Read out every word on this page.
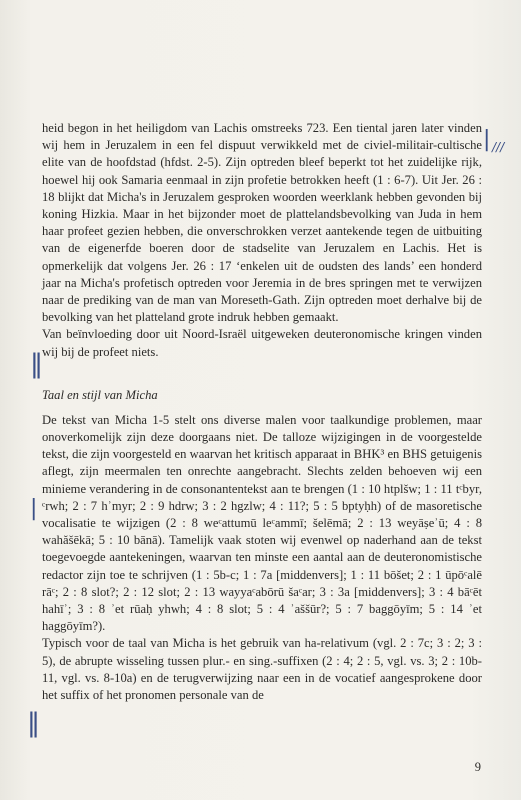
| ///
‖
|
‖

heid begon in het heiligdom van Lachis omstreeks 723. Een tiental jaren later vinden wij hem in Jeruzalem in een fel dispuut verwikkeld met de civiel-militair-cultische elite van de hoofdstad (hfdst. 2-5). Zijn optreden bleef beperkt tot het zuidelijke rijk, hoewel hij ook Samaria eenmaal in zijn profetie betrokken heeft (1 : 6-7). Uit Jer. 26 : 18 blijkt dat Micha's in Jeruzalem gesproken woorden weerklank hebben gevonden bij koning Hizkia. Maar in het bijzonder moet de plattelandsbevolking van Juda in hem haar profeet gezien hebben, die onverschrokken verzet aantekende tegen de uitbuiting van de eigenerfde boeren door de stadselite van Jeruzalem en Lachis. Het is opmerkelijk dat volgens Jer. 26 : 17 ‘enkelen uit de oudsten des lands’ een honderd jaar na Micha's profetisch optreden voor Jeremia in de bres springen met te verwijzen naar de prediking van de man van Moreseth-Gath. Zijn optreden moet derhalve bij de bevolking van het platteland grote indruk hebben gemaakt.

Van beïnvloeding door uit Noord-Israël uitgeweken deuteronomische kringen vinden wij bij de profeet niets.

Taal en stijl van Micha

De tekst van Micha 1-5 stelt ons diverse malen voor taalkundige problemen, maar onoverkomelijk zijn deze doorgaans niet. De talloze wijzigingen in de voorgestelde tekst, die zijn voorgesteld en waarvan het kritisch apparaat in BHK³ en BHS getuigenis aflegt, zijn meermalen ten onrechte aangebracht. Slechts zelden behoeven wij een minieme verandering in de consonantentekst aan te brengen (1 : 10 htplšw; 1 : 11 tᶜbyr, ᶜrwh; 2 : 7 hʾmyr; 2 : 9 hdrw; 3 : 2 hgzlw; 4 : 11?; 5 : 5 bptyḥh) of de masoretische vocalisatie te wijzigen (2 : 8 weᶜattumū leᶜammī; šelēmā; 2 : 13 weyāṣeʾū; 4 : 8 wahăšēkā; 5 : 10 bānā). Tamelijk vaak stoten wij evenwel op naderhand aan de tekst toegevoegde aantekeningen, waarvan ten minste een aantal aan de deuteronomistische redactor zijn toe te schrijven (1 : 5b-c; 1 : 7a [middenvers]; 1 : 11 bōšet; 2 : 1 ūpōᶜalē rāᶜ; 2 : 8 slot?; 2 : 12 slot; 2 : 13 wayyaᶜabōrū šaᶜar; 3 : 3a [middenvers]; 3 : 4 bāᶜēt hahīʾ; 3 : 8 ʾet rūaḥ yhwh; 4 : 8 slot; 5 : 4 ʾaššūr?; 5 : 7 baggōyīm; 5 : 14 ʾet haggōyīm?).

Typisch voor de taal van Micha is het gebruik van ha-relativum (vgl. 2 : 7c; 3 : 2; 3 : 5), de abrupte wisseling tussen plur.- en sing.-suffixen (2 : 4; 2 : 5, vgl. vs. 3; 2 : 10b-11, vgl. vs. 8-10a) en de terugverwijzing naar een in de vocatief aangesprokene door het suffix of het pronomen personale van de

9
